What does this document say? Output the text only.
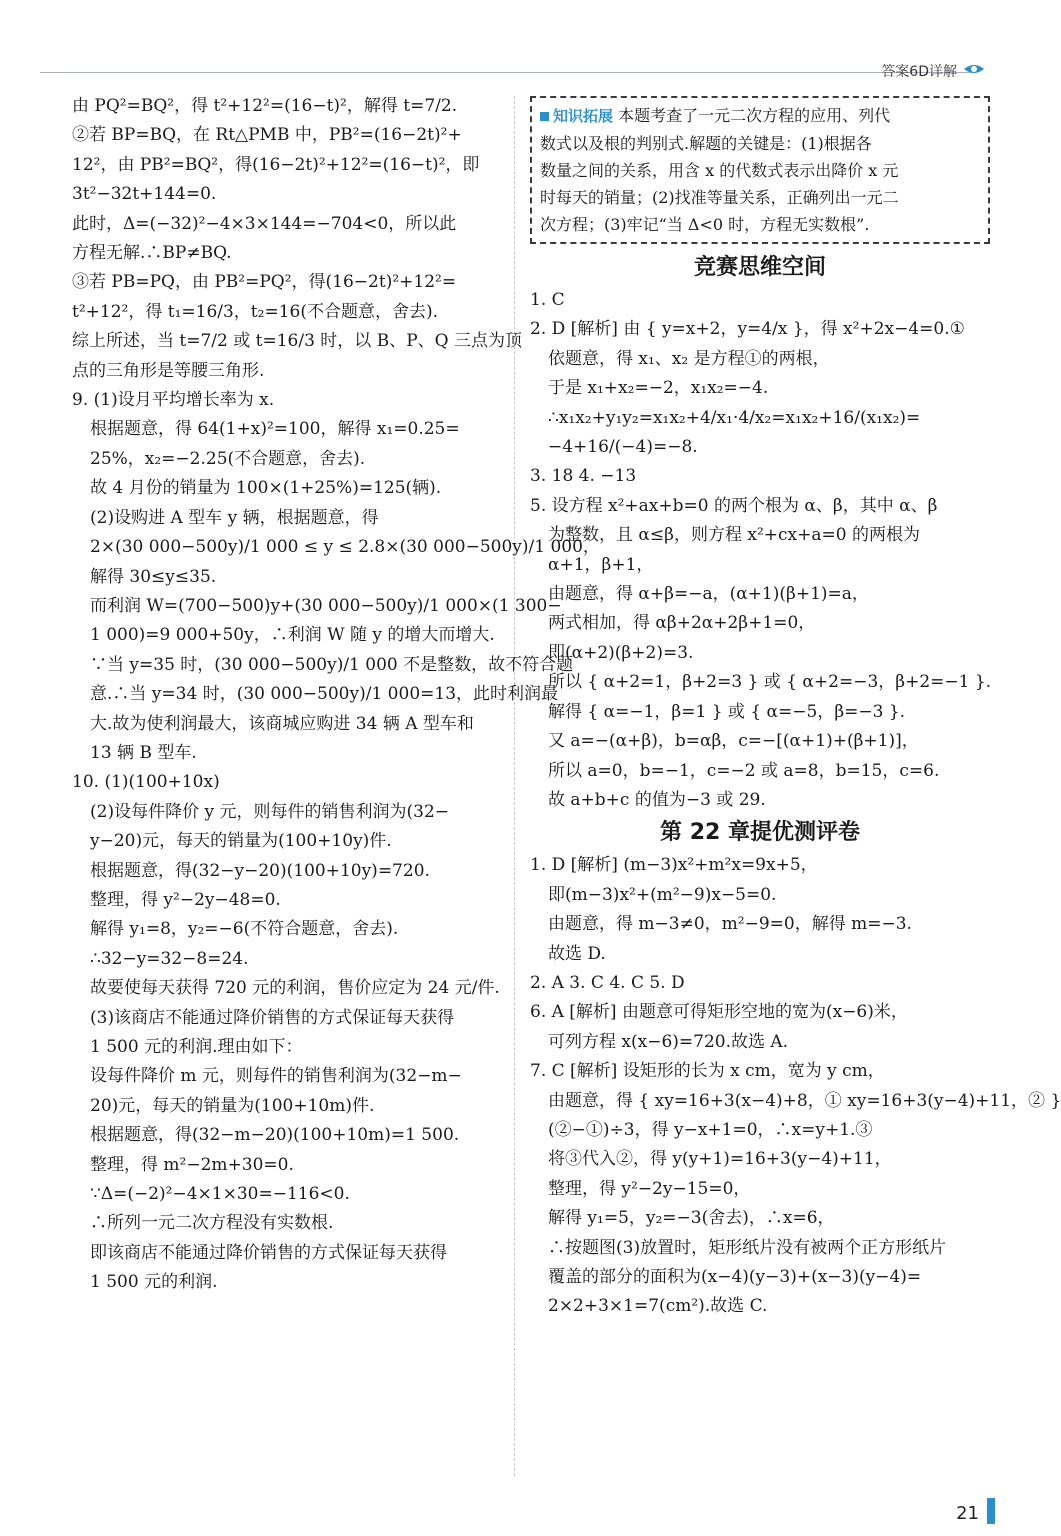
答案6D详解
由 PQ²=BQ²，得 t²+12²=(16−t)²，解得 t=7/2.
②若 BP=BQ，在 Rt△PMB 中，PB²=(16−2t)²+
12²，由 PB²=BQ²，得(16−2t)²+12²=(16−t)²，即
3t²−32t+144=0.
此时，Δ=(−32)²−4×3×144=−704<0，所以此
方程无解.∴BP≠BQ.
③若 PB=PQ，由 PB²=PQ²，得(16−2t)²+12²=
t²+12²，得 t₁=16/3，t₂=16(不合题意，舍去).
综上所述，当 t=7/2 或 t=16/3 时，以 B、P、Q 三点为顶
点的三角形是等腰三角形.
9. (1)设月平均增长率为 x.
根据题意，得 64(1+x)²=100，解得 x₁=0.25=
25%，x₂=−2.25(不合题意，舍去).
故 4 月份的销量为 100×(1+25%)=125(辆).
(2)设购进 A 型车 y 辆，根据题意，得
2×(30 000−500y)/1 000 ≤ y ≤ 2.8×(30 000−500y)/1 000，
解得 30≤y≤35.
而利润 W=(700−500)y+(30 000−500y)/1 000×(1 300−
1 000)=9 000+50y，∴利润 W 随 y 的增大而增大.
∵当 y=35 时，(30 000−500y)/1 000 不是整数，故不符合题
意.∴当 y=34 时，(30 000−500y)/1 000=13，此时利润最
大.故为使利润最大，该商城应购进 34 辆 A 型车和
13 辆 B 型车.
10. (1)(100+10x)
(2)设每件降价 y 元，则每件的销售利润为(32−
y−20)元，每天的销量为(100+10y)件.
根据题意，得(32−y−20)(100+10y)=720.
整理，得 y²−2y−48=0.
解得 y₁=8，y₂=−6(不符合题意，舍去).
∴32−y=32−8=24.
故要使每天获得 720 元的利润，售价应定为 24 元/件.
(3)该商店不能通过降价销售的方式保证每天获得
1 500 元的利润.理由如下：
设每件降价 m 元，则每件的销售利润为(32−m−
20)元，每天的销量为(100+10m)件.
根据题意，得(32−m−20)(100+10m)=1 500.
整理，得 m²−2m+30=0.
∵Δ=(−2)²−4×1×30=−116<0.
∴所列一元二次方程没有实数根.
即该商店不能通过降价销售的方式保证每天获得
1 500 元的利润.
知识拓展 本题考查了一元二次方程的应用、列代
数式以及根的判别式.解题的关键是：(1)根据各
数量之间的关系，用含 x 的代数式表示出降价 x 元
时每天的销量；(2)找准等量关系，正确列出一元二
次方程；(3)牢记“当 Δ<0 时，方程无实数根”.
竞赛思维空间
1. C
2. D [解析] 由 { y=x+2，y=4/x }，得 x²+2x−4=0.①
依题意，得 x₁、x₂ 是方程①的两根，
于是 x₁+x₂=−2，x₁x₂=−4.
∴x₁x₂+y₁y₂=x₁x₂+4/x₁·4/x₂=x₁x₂+16/(x₁x₂)=
−4+16/(−4)=−8.
3. 18 4. −13
5. 设方程 x²+ax+b=0 的两个根为 α、β，其中 α、β
为整数，且 α≤β，则方程 x²+cx+a=0 的两根为
α+1，β+1，
由题意，得 α+β=−a，(α+1)(β+1)=a，
两式相加，得 αβ+2α+2β+1=0，
即(α+2)(β+2)=3.
所以 { α+2=1，β+2=3 } 或 { α+2=−3，β+2=−1 }.
解得 { α=−1，β=1 } 或 { α=−5，β=−3 }.
又 a=−(α+β)，b=αβ，c=−[(α+1)+(β+1)]，
所以 a=0，b=−1，c=−2 或 a=8，b=15，c=6.
故 a+b+c 的值为−3 或 29.
第 22 章提优测评卷
1. D [解析] (m−3)x²+m²x=9x+5，
即(m−3)x²+(m²−9)x−5=0.
由题意，得 m−3≠0，m²−9=0，解得 m=−3.
故选 D.
2. A 3. C 4. C 5. D
6. A [解析] 由题意可得矩形空地的宽为(x−6)米，
可列方程 x(x−6)=720.故选 A.
7. C [解析] 设矩形的长为 x cm，宽为 y cm，
由题意，得 { xy=16+3(x−4)+8，① xy=16+3(y−4)+11，② }
(②−①)÷3，得 y−x+1=0，∴x=y+1.③
将③代入②，得 y(y+1)=16+3(y−4)+11，
整理，得 y²−2y−15=0，
解得 y₁=5，y₂=−3(舍去)，∴x=6，
∴按题图(3)放置时，矩形纸片没有被两个正方形纸片
覆盖的部分的面积为(x−4)(y−3)+(x−3)(y−4)=
2×2+3×1=7(cm²).故选 C.
21
